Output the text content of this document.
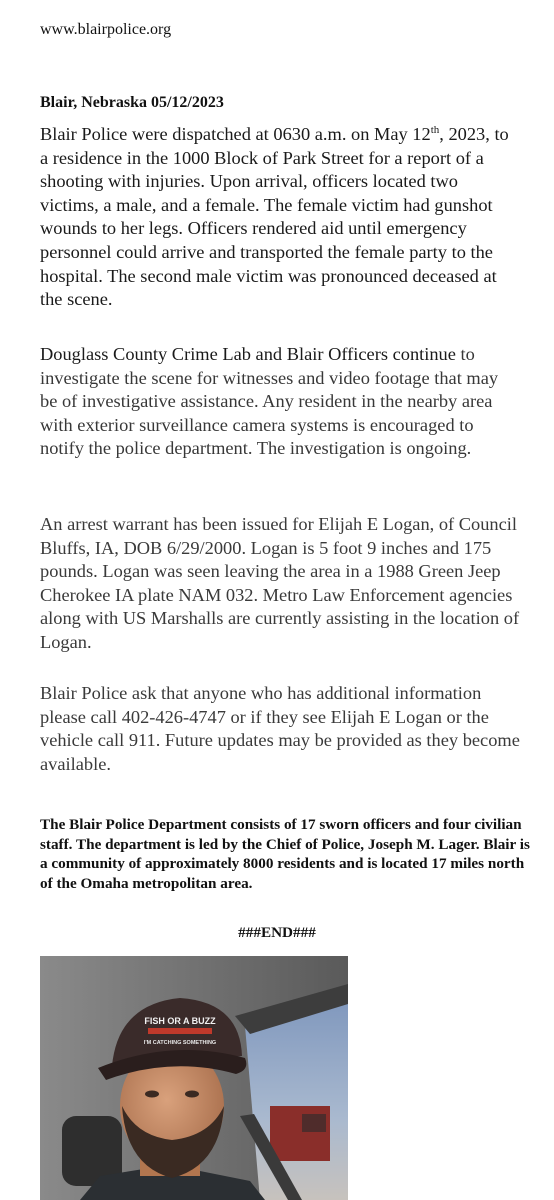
www.blairpolice.org
Blair, Nebraska 05/12/2023
Blair Police were dispatched at 0630 a.m. on May 12th, 2023, to a residence in the 1000 Block of Park Street for a report of a shooting with injuries. Upon arrival, officers located two victims, a male, and a female. The female victim had gunshot wounds to her legs. Officers rendered aid until emergency personnel could arrive and transported the female party to the hospital. The second male victim was pronounced deceased at the scene.
Douglass County Crime Lab and Blair Officers continue to investigate the scene for witnesses and video footage that may be of investigative assistance. Any resident in the nearby area with exterior surveillance camera systems is encouraged to notify the police department. The investigation is ongoing.
An arrest warrant has been issued for Elijah E Logan, of Council Bluffs, IA, DOB 6/29/2000. Logan is 5 foot 9 inches and 175 pounds. Logan was seen leaving the area in a 1988 Green Jeep Cherokee IA plate NAM 032. Metro Law Enforcement agencies along with US Marshalls are currently assisting in the location of Logan.
Blair Police ask that anyone who has additional information please call 402-426-4747 or if they see Elijah E Logan or the vehicle call 911. Future updates may be provided as they become available.
The Blair Police Department consists of 17 sworn officers and four civilian staff. The department is led by the Chief of Police, Joseph M. Lager. Blair is a community of approximately 8000 residents and is located 17 miles north of the Omaha metropolitan area.
###END###
FISH OR A BUZZ
I'M CATCHING SOMETHING
